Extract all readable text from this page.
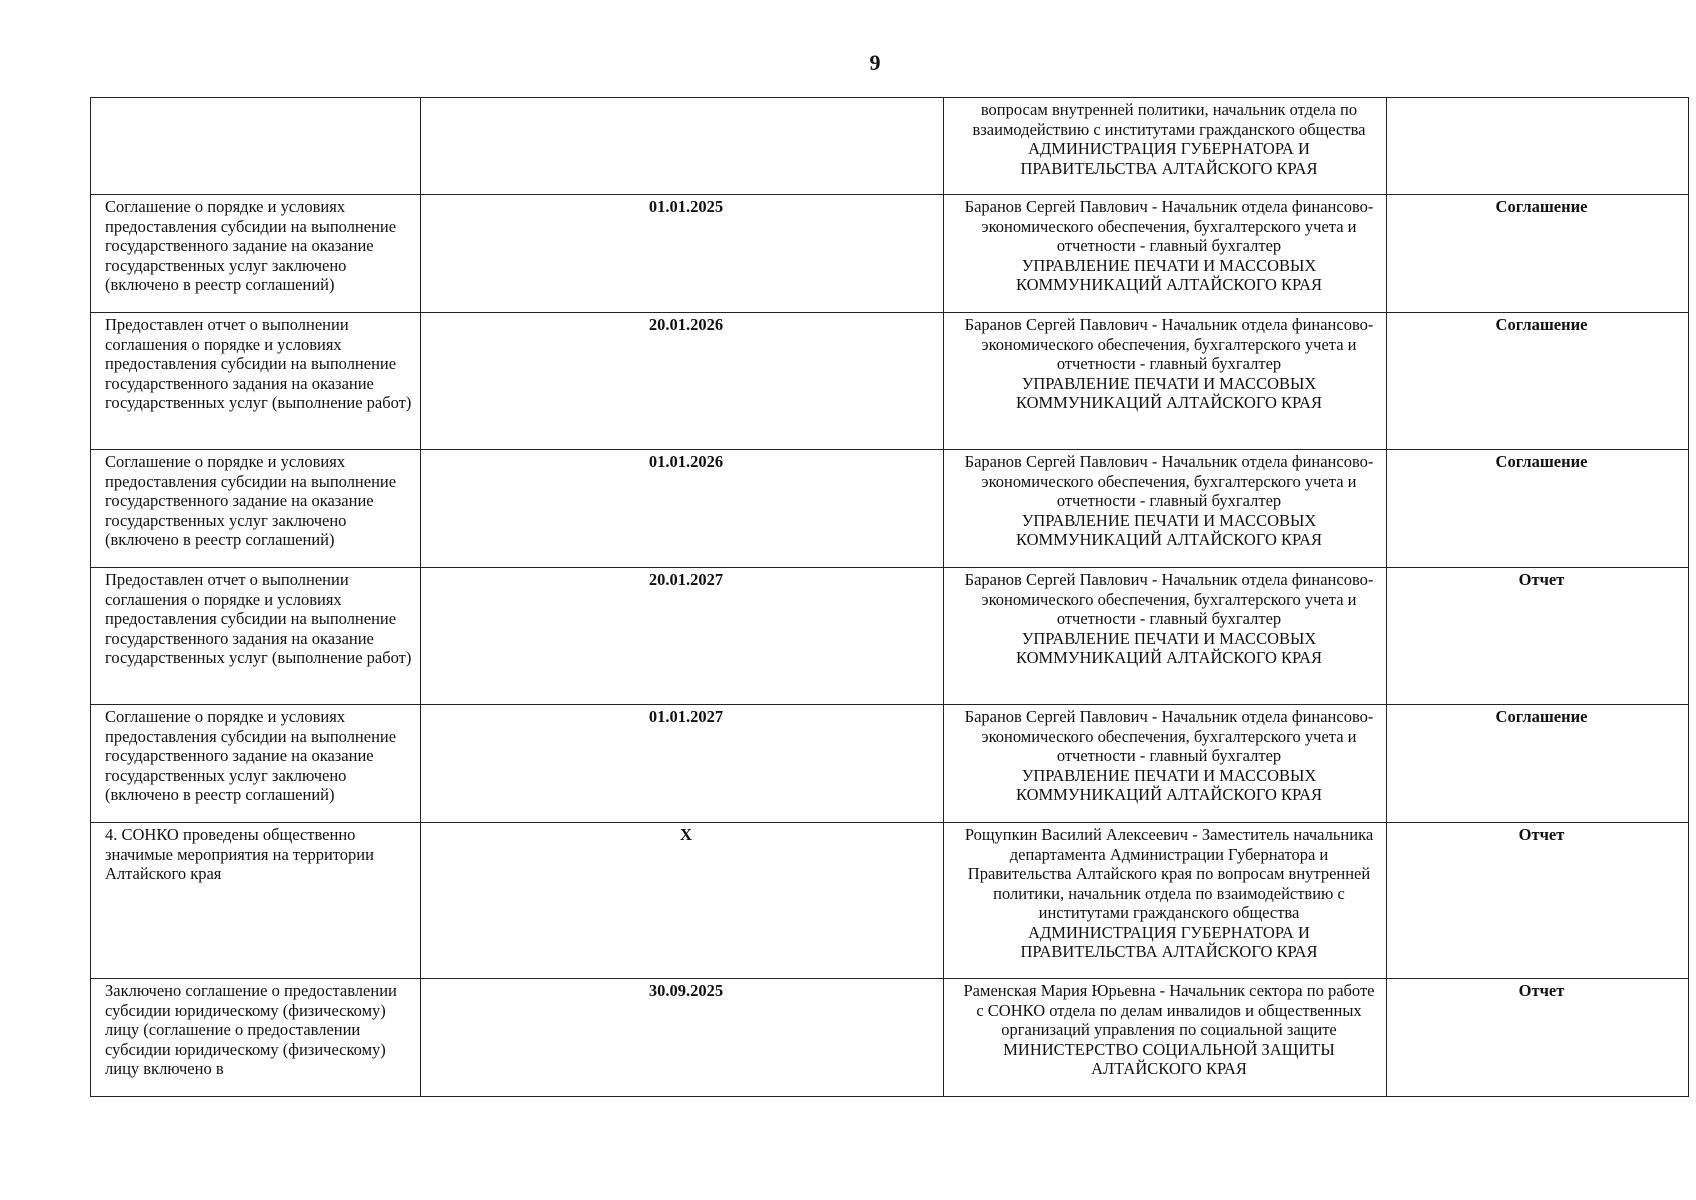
9

		вопросам внутренней политики, начальник отдела по взаимодействию с институтами гражданского общества
АДМИНИСТРАЦИЯ ГУБЕРНАТОРА И ПРАВИТЕЛЬСТВА АЛТАЙСКОГО КРАЯ	

Соглашение о порядке и условиях предоставления субсидии на выполнение государственного задание на оказание государственных услуг заключено (включено в реестр соглашений)	01.01.2025	Баранов Сергей Павлович - Начальник отдела финансово-экономического обеспечения, бухгалтерского учета и отчетности - главный бухгалтер
УПРАВЛЕНИЕ ПЕЧАТИ И МАССОВЫХ КОММУНИКАЦИЙ АЛТАЙСКОГО КРАЯ	Соглашение
Предоставлен отчет о выполнении соглашения о порядке и условиях предоставления субсидии на выполнение государственного задания на оказание государственных услуг (выполнение работ)	20.01.2026	Баранов Сергей Павлович - Начальник отдела финансово-экономического обеспечения, бухгалтерского учета и отчетности - главный бухгалтер
УПРАВЛЕНИЕ ПЕЧАТИ И МАССОВЫХ КОММУНИКАЦИЙ АЛТАЙСКОГО КРАЯ	Соглашение
Соглашение о порядке и условиях предоставления субсидии на выполнение государственного задание на оказание государственных услуг заключено (включено в реестр соглашений)	01.01.2026	Баранов Сергей Павлович - Начальник отдела финансово-экономического обеспечения, бухгалтерского учета и отчетности - главный бухгалтер
УПРАВЛЕНИЕ ПЕЧАТИ И МАССОВЫХ КОММУНИКАЦИЙ АЛТАЙСКОГО КРАЯ	Соглашение
Предоставлен отчет о выполнении соглашения о порядке и условиях предоставления субсидии на выполнение государственного задания на оказание государственных услуг (выполнение работ)	20.01.2027	Баранов Сергей Павлович - Начальник отдела финансово-экономического обеспечения, бухгалтерского учета и отчетности - главный бухгалтер
УПРАВЛЕНИЕ ПЕЧАТИ И МАССОВЫХ КОММУНИКАЦИЙ АЛТАЙСКОГО КРАЯ	Отчет
Соглашение о порядке и условиях предоставления субсидии на выполнение государственного задание на оказание государственных услуг заключено (включено в реестр соглашений)	01.01.2027	Баранов Сергей Павлович - Начальник отдела финансово-экономического обеспечения, бухгалтерского учета и отчетности - главный бухгалтер
УПРАВЛЕНИЕ ПЕЧАТИ И МАССОВЫХ КОММУНИКАЦИЙ АЛТАЙСКОГО КРАЯ	Соглашение
4. СОНКО проведены общественно значимые мероприятия на территории Алтайского края	X	Рощупкин Василий Алексеевич - Заместитель начальника департамента Администрации Губернатора и Правительства Алтайского края по вопросам внутренней политики, начальник отдела по взаимодействию с институтами гражданского общества
АДМИНИСТРАЦИЯ ГУБЕРНАТОРА И ПРАВИТЕЛЬСТВА АЛТАЙСКОГО КРАЯ	Отчет
Заключено соглашение о предоставлении субсидии юридическому (физическому) лицу (соглашение о предоставлении субсидии юридическому (физическому) лицу включено в	30.09.2025	Раменская Мария Юрьевна - Начальник сектора по работе с СОНКО отдела по делам инвалидов и общественных организаций управления по социальной защите
МИНИСТЕРСТВО СОЦИАЛЬНОЙ ЗАЩИТЫ АЛТАЙСКОГО КРАЯ	Отчет
